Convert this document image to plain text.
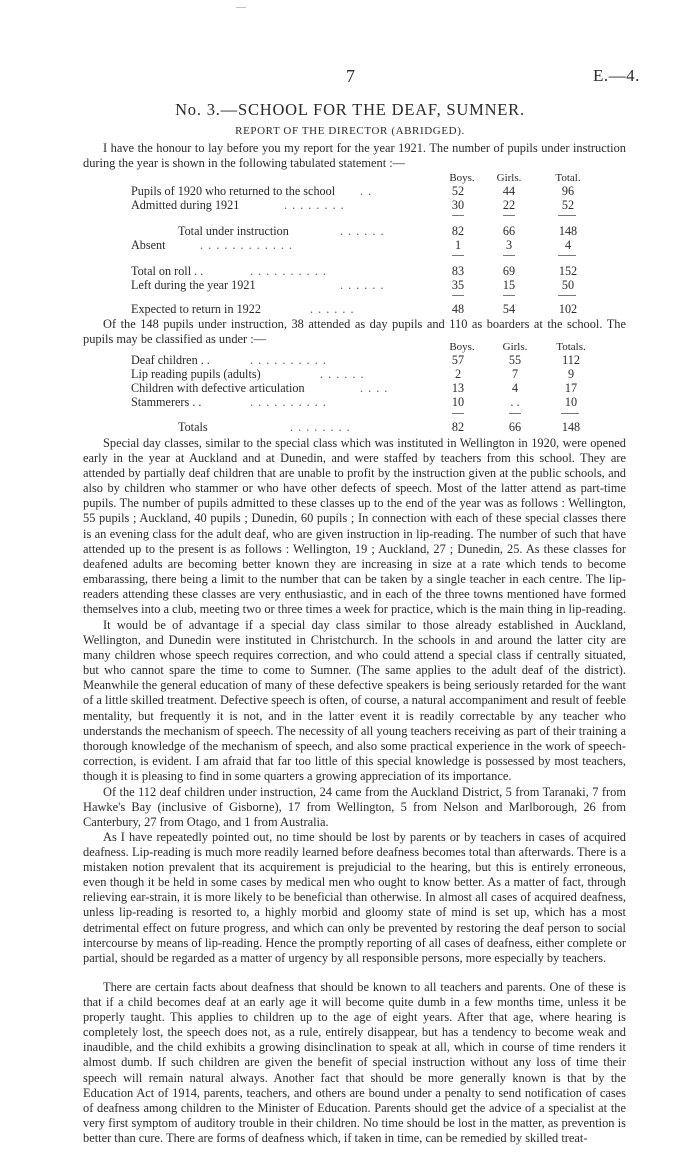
—
7	E.—4.
No. 3.—SCHOOL FOR THE DEAF, SUMNER.
REPORT OF THE DIRECTOR (ABRIDGED).
I have the honour to lay before you my report for the year 1921. The number of pupils under instruction during the year is shown in the following tabulated statement :—
Boys.	Girls.	Total.
Pupils of 1920 who returned to the school . .	52	44	96
Admitted during 1921	. . . . . . . .	30	22	52
Total under instruction	. . . . . .	82	66	148
Absent	. . . . . . . . . . . .	1	3	4
Total on roll . .	. . . . . . . . . .	83	69	152
Left during the year 1921	. . . . . .	35	15	50
Expected to return in 1922	. . . . . .	48	54	102
Of the 148 pupils under instruction, 38 attended as day pupils and 110 as boarders at the school. The pupils may be classified as under :—
Boys.	Girls.	Totals.
Deaf children . .	. . . . . . . . . .	57	55	112
Lip reading pupils (adults)	. . . . . .	2	7	9
Children with defective articulation	. . . .	13	4	17
Stammerers . .	. . . . . . . . . .	10	. .	10
Totals	. . . . . . . .	82	66	148
Special day classes, similar to the special class which was instituted in Wellington in 1920, were opened early in the year at Auckland and at Dunedin, and were staffed by teachers from this school. They are attended by partially deaf children that are unable to profit by the instruction given at the public schools, and also by children who stammer or who have other defects of speech. Most of the latter attend as part-time pupils. The number of pupils admitted to these classes up to the end of the year was as follows : Wellington, 55 pupils ; Auckland, 40 pupils ; Dunedin, 60 pupils ; In connection with each of these special classes there is an evening class for the adult deaf, who are given instruction in lip-reading. The number of such that have attended up to the present is as follows : Wellington, 19 ; Auckland, 27 ; Dunedin, 25. As these classes for deafened adults are becoming better known they are increasing in size at a rate which tends to become embarassing, there being a limit to the number that can be taken by a single teacher in each centre. The lip-readers attending these classes are very enthusiastic, and in each of the three towns mentioned have formed themselves into a club, meeting two or three times a week for practice, which is the main thing in lip-reading.
It would be of advantage if a special day class similar to those already established in Auckland, Wellington, and Dunedin were instituted in Christchurch. In the schools in and around the latter city are many children whose speech requires correction, and who could attend a special class if centrally situated, but who cannot spare the time to come to Sumner. (The same applies to the adult deaf of the district). Meanwhile the general education of many of these defective speakers is being seriously retarded for the want of a little skilled treatment. Defective speech is often, of course, a natural accompaniment and result of feeble mentality, but frequently it is not, and in the latter event it is readily correctable by any teacher who understands the mechanism of speech. The necessity of all young teachers receiving as part of their training a thorough knowledge of the mechanism of speech, and also some practical experience in the work of speech-correction, is evident. I am afraid that far too little of this special knowledge is possessed by most teachers, though it is pleasing to find in some quarters a growing appreciation of its importance.
Of the 112 deaf children under instruction, 24 came from the Auckland District, 5 from Taranaki, 7 from Hawke's Bay (inclusive of Gisborne), 17 from Wellington, 5 from Nelson and Marlborough, 26 from Canterbury, 27 from Otago, and 1 from Australia.
As I have repeatedly pointed out, no time should be lost by parents or by teachers in cases of acquired deafness. Lip-reading is much more readily learned before deafness becomes total than afterwards. There is a mistaken notion prevalent that its acquirement is prejudicial to the hearing, but this is entirely erroneous, even though it be held in some cases by medical men who ought to know better. As a matter of fact, through relieving ear-strain, it is more likely to be beneficial than otherwise. In almost all cases of acquired deafness, unless lip-reading is resorted to, a highly morbid and gloomy state of mind is set up, which has a most detrimental effect on future progress, and which can only be prevented by restoring the deaf person to social intercourse by means of lip-reading. Hence the promptly reporting of all cases of deafness, either complete or partial, should be regarded as a matter of urgency by all responsible persons, more especially by teachers.
There are certain facts about deafness that should be known to all teachers and parents. One of these is that if a child becomes deaf at an early age it will become quite dumb in a few months time, unless it be properly taught. This applies to children up to the age of eight years. After that age, where hearing is completely lost, the speech does not, as a rule, entirely disappear, but has a tendency to become weak and inaudible, and the child exhibits a growing disinclination to speak at all, which in course of time renders it almost dumb. If such children are given the benefit of special instruction without any loss of time their speech will remain natural always. Another fact that should be more generally known is that by the Education Act of 1914, parents, teachers, and others are bound under a penalty to send notification of cases of deafness among children to the Minister of Education. Parents should get the advice of a specialist at the very first symptom of auditory trouble in their children. No time should be lost in the matter, as prevention is better than cure. There are forms of deafness which, if taken in time, can be remedied by skilled treat-
